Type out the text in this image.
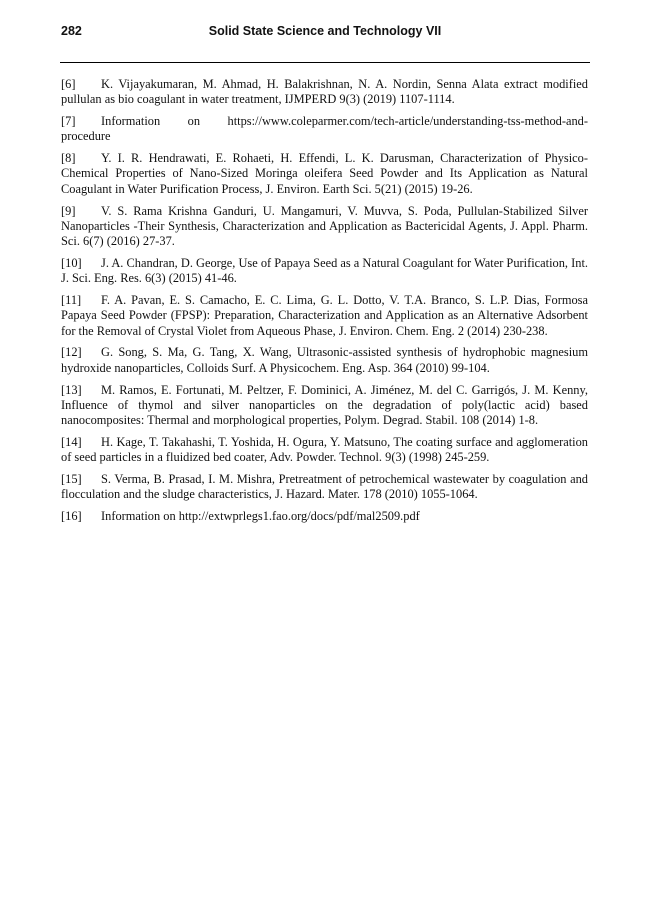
282	Solid State Science and Technology VII
[6] K. Vijayakumaran, M. Ahmad, H. Balakrishnan, N. A. Nordin, Senna Alata extract modified pullulan as bio coagulant in water treatment, IJMPERD 9(3) (2019) 1107-1114.
[7] Information on https://www.coleparmer.com/tech-article/understanding-tss-method-and-procedure
[8] Y. I. R. Hendrawati, E. Rohaeti, H. Effendi, L. K. Darusman, Characterization of Physico-Chemical Properties of Nano-Sized Moringa oleifera Seed Powder and Its Application as Natural Coagulant in Water Purification Process, J. Environ. Earth Sci. 5(21) (2015) 19-26.
[9] V. S. Rama Krishna Ganduri, U. Mangamuri, V. Muvva, S. Poda, Pullulan-Stabilized Silver Nanoparticles -Their Synthesis, Characterization and Application as Bactericidal Agents, J. Appl. Pharm. Sci. 6(7) (2016) 27-37.
[10] J. A. Chandran, D. George, Use of Papaya Seed as a Natural Coagulant for Water Purification, Int. J. Sci. Eng. Res. 6(3) (2015) 41-46.
[11] F. A. Pavan, E. S. Camacho, E. C. Lima, G. L. Dotto, V. T.A. Branco, S. L.P. Dias, Formosa Papaya Seed Powder (FPSP): Preparation, Characterization and Application as an Alternative Adsorbent for the Removal of Crystal Violet from Aqueous Phase, J. Environ. Chem. Eng. 2 (2014) 230-238.
[12] G. Song, S. Ma, G. Tang, X. Wang, Ultrasonic-assisted synthesis of hydrophobic magnesium hydroxide nanoparticles, Colloids Surf. A Physicochem. Eng. Asp. 364 (2010) 99-104.
[13] M. Ramos, E. Fortunati, M. Peltzer, F. Dominici, A. Jiménez, M. del C. Garrigós, J. M. Kenny, Influence of thymol and silver nanoparticles on the degradation of poly(lactic acid) based nanocomposites: Thermal and morphological properties, Polym. Degrad. Stabil. 108 (2014) 1-8.
[14] H. Kage, T. Takahashi, T. Yoshida, H. Ogura, Y. Matsuno, The coating surface and agglomeration of seed particles in a fluidized bed coater, Adv. Powder. Technol. 9(3) (1998) 245-259.
[15] S. Verma, B. Prasad, I. M. Mishra, Pretreatment of petrochemical wastewater by coagulation and flocculation and the sludge characteristics, J. Hazard. Mater. 178 (2010) 1055-1064.
[16] Information on http://extwprlegs1.fao.org/docs/pdf/mal2509.pdf
